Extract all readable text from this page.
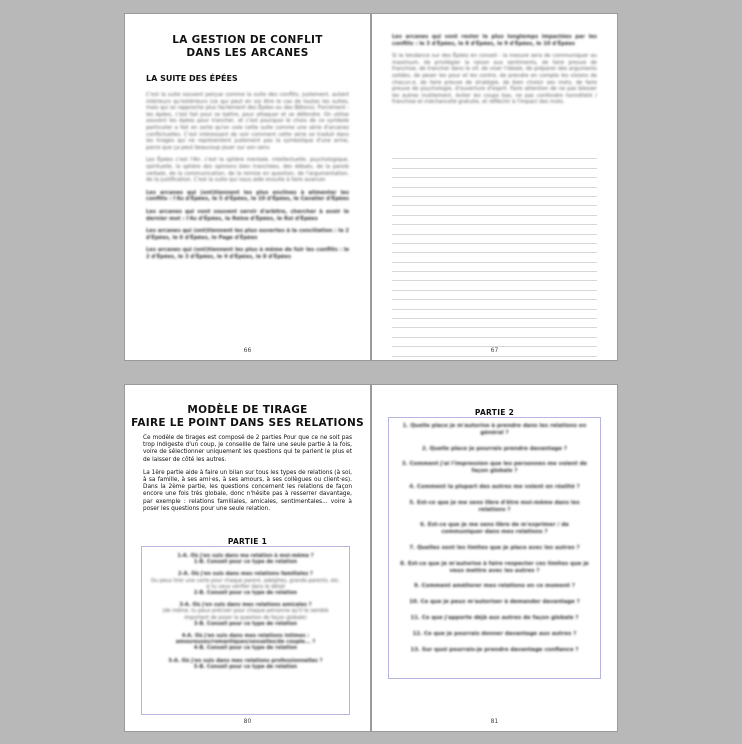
LA GESTION DE CONFLIT
DANS LES ARCANES
LA SUITE DES ÉPÉES

C'est la suite souvent perçue comme la suite des conflits, justement, autant intérieurs qu'extérieurs (ce qui peut en soi être le cas de toutes les suites, mais qui se rapproche plus facilement des Épées ou des Bâtons). Forcément : les épées, c'est fait pour se battre, pour attaquer et se défendre. On utilise souvent les épées pour trancher, et c'est pourquoi le choix de ce symbole particulier a fait en sorte qu'on voie cette suite comme une série d'arcanes conflictuelles. C'est intéressant de voir comment cette série se traduit dans les tirages qui ne représentent justement pas la symbolique d'une arme, parce que ça peut beaucoup jouer sur son sens.

Les Épées c'est l'Air, c'est la sphère mentale, intellectuelle, psychologique, spirituelle, la sphère des opinions bien tranchées, des débats, de la parole verbale, de la communication, de la remise en question, de l'argumentation, de la justification. C'est la suite qui nous aide ensuite à faire avancer.

Les arcanes qui (ont)tiennent les plus enclines à alimenter les conflits : l'As d'Épées, le 5 d'Épées, le 10 d'Épées, le Cavalier d'Épées

Les arcanes qui vont souvent servir d'arbitre, chercher à avoir le dernier mot : l'As d'Épées, la Reine d'Épées, le Roi d'Épées

Les arcanes qui (ont)tiennent les plus ouvertes à la conciliation : le 2 d'Épées, le 6 d'Épées, le Page d'Épées

Les arcanes qui (ont)tiennent les plus à même de fuir les conflits : le 2 d'Épées, le 3 d'Épées, le 4 d'Épées, le 8 d'Épées

66

Les arcanes qui vont rester le plus longtemps impactées par les conflits : le 3 d'Épées, le 8 d'Épées, le 9 d'Épées, le 10 d'Épées

Si la tendance sur des Épées en conseil : la mesure sera de communiquer au maximum, de privilégier la raison aux sentiments, de faire preuve de franchise, de trancher dans le vif, de viser l'idéale, de préparer des arguments solides, de peser les pour et les contre, de prendre en compte les visions de chacun.e, de faire preuve de stratégie, de bien choisir ses mots, de faire preuve de psychologie, d'ouverture d'esprit. Faire attention de ne pas blesser les autres inutilement, éviter les coups bas, ne pas confondre honnêteté / franchise et méchanceté gratuite, et réfléchir à l'impact des mots.

67
MODÈLE DE TIRAGE
FAIRE LE POINT DANS SES RELATIONS

Ce modèle de tirages est composé de 2 parties Pour que ce ne soit pas trop indigeste d'un coup, je conseille de faire une seule partie à la fois, voire de sélectionner uniquement les questions qui te parlent le plus et de laisser de côté les autres.

La 1ère partie aide à faire un bilan sur tous les types de relations (à soi, à sa famille, à ses ami·es, à ses amours, à ses collègues ou client·es). Dans la 2ème partie, les questions concernent les relations de façon encore une fois très globale, donc n'hésite pas à resserrer davantage, par exemple : relations familiales, amicales, sentimentales... voire à poser les questions pour une seule relation.

PARTIE 1
1-A. Où j'en suis dans ma relation à moi-même ?
1-B. Conseil pour ce type de relation
2-A. Où j'en suis dans mes relations familiales ?
Ou peux tirer une carte pour chaque parent, adelphes, grands-parents, etc. si tu veux vérifier dans le détail
2-B. Conseil pour ce type de relation
3-A. Où j'en suis dans mes relations amicales ?
(de même, tu peux préciser pour chaque personne qu'il te semble important de poser la question de façon globale)
3-B. Conseil pour ce type de relation
4-A. Où j'en suis dans mes relations intimes : amoureuses/romantiques/sexuelles/de couple... ?
4-B. Conseil pour ce type de relation
5-A. Où j'en suis dans mes relations professionnelles ?
5-B. Conseil pour ce type de relation
80
PARTIE 2
1. Quelle place je m'autorise à prendre dans les relations en général ?
2. Quelle place je pourrais prendre davantage ?
3. Comment j'ai l'impression que les personnes me voient de façon globale ?
4. Comment la plupart des autres me voient en réalité ?
5. Est-ce que je me sens libre d'être moi-même dans les relations ?
6. Est-ce que je me sens libre de m'exprimer / de communiquer dans mes relations ?
7. Quelles sont les limites que je place avec les autres ?
8. Est-ce que je m'autorise à faire respecter ces limites que je veux mettre avec les autres ?
9. Comment améliorer mes relations en ce moment ?
10. Ce que je peux m'autoriser à demander davantage ?
11. Ce que j'apporte déjà aux autres de façon globale ?
12. Ce que je pourrais donner davantage aux autres ?
13. Sur quoi pourrais-je prendre davantage confiance ?
81
